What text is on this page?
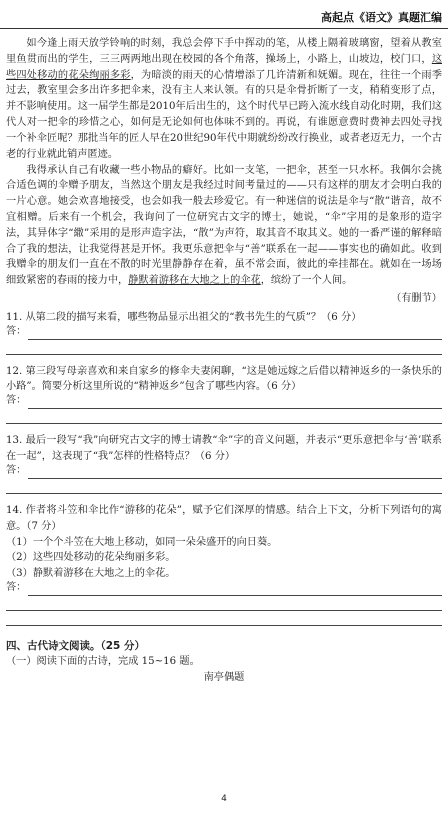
高起点《语文》真题汇编

如今逢上雨天放学铃响的时刻，我总会停下手中挥动的笔，从楼上隔着玻璃窗，望着从教室里鱼贯而出的学生，三三两两地出现在校园的各个角落，操场上，小路上，山坡边，校门口，这些四处移动的花朵绚丽多彩，为暗淡的雨天的心情增添了几许清新和妩媚。现在，往往一个雨季过去，教室里会多出许多把伞来，没有主人来认领。有的只是伞骨折断了一支，稍稍变形了点，并不影响使用。这一届学生都是2010年后出生的，这个时代早已跨入流水线自动化时期，我们这代人对一把伞的珍惜之心，如何是无论如何也体味不到的。再说，有谁愿意费时费神去四处寻找一个补伞匠呢？那批当年的匠人早在20世纪90年代中期就纷纷改行换业，或者老迈无力，一个古老的行业就此销声匿迹。

我得承认自己有收藏一些小物品的癖好。比如一支笔，一把伞，甚至一只水杯。我偶尔会挑合适色调的伞赠予朋友，当然这个朋友是我经过时间考量过的——只有这样的朋友才会明白我的一片心意。她会欢喜地接受，也会如我一般去珍爱它。有一种迷信的说法是伞与“散”谐音，故不宜相赠。后来有一个机会，我询问了一位研究古文字的博士，她说，“伞”字用的是象形的造字法，其异体字“繖”采用的是形声造字法，“散”为声符，取其音不取其义。她的一番严谨的解释暗合了我的想法，让我觉得甚是开怀。我更乐意把伞与“善”联系在一起——事实也的确如此。收到我赠伞的朋友们一直在不散的时光里静静存在着，虽不常会面，彼此的牵挂都在。就如在一场场细致紧密的春雨的接力中，静默着游移在大地之上的伞花，缤纷了一个人间。

（有删节）

11. 从第二段的描写来看，哪些物品显示出祖父的“教书先生的气质”？（6 分）

答：

12. 第三段写母亲喜欢和来自家乡的修伞夫妻闲聊，“这是她远嫁之后借以精神返乡的一条快乐的小路”。简要分析这里所说的“精神返乡”包含了哪些内容。（6 分）

答：

13. 最后一段写“我”向研究古文字的博士请教“伞”字的音义问题，并表示“更乐意把伞与‘善’联系在一起”，这表现了“我”怎样的性格特点？（6 分）

答：

14. 作者将斗笠和伞比作“游移的花朵”，赋予它们深厚的情感。结合上下文，分析下列语句的寓意。（7 分）

（1）一个个斗笠在大地上移动，如同一朵朵盛开的向日葵。

（2）这些四处移动的花朵绚丽多彩。

（3）静默着游移在大地之上的伞花。

答：

四、古代诗文阅读。（25 分）

（一）阅读下面的古诗，完成 15~16 题。

南亭偶题

4
